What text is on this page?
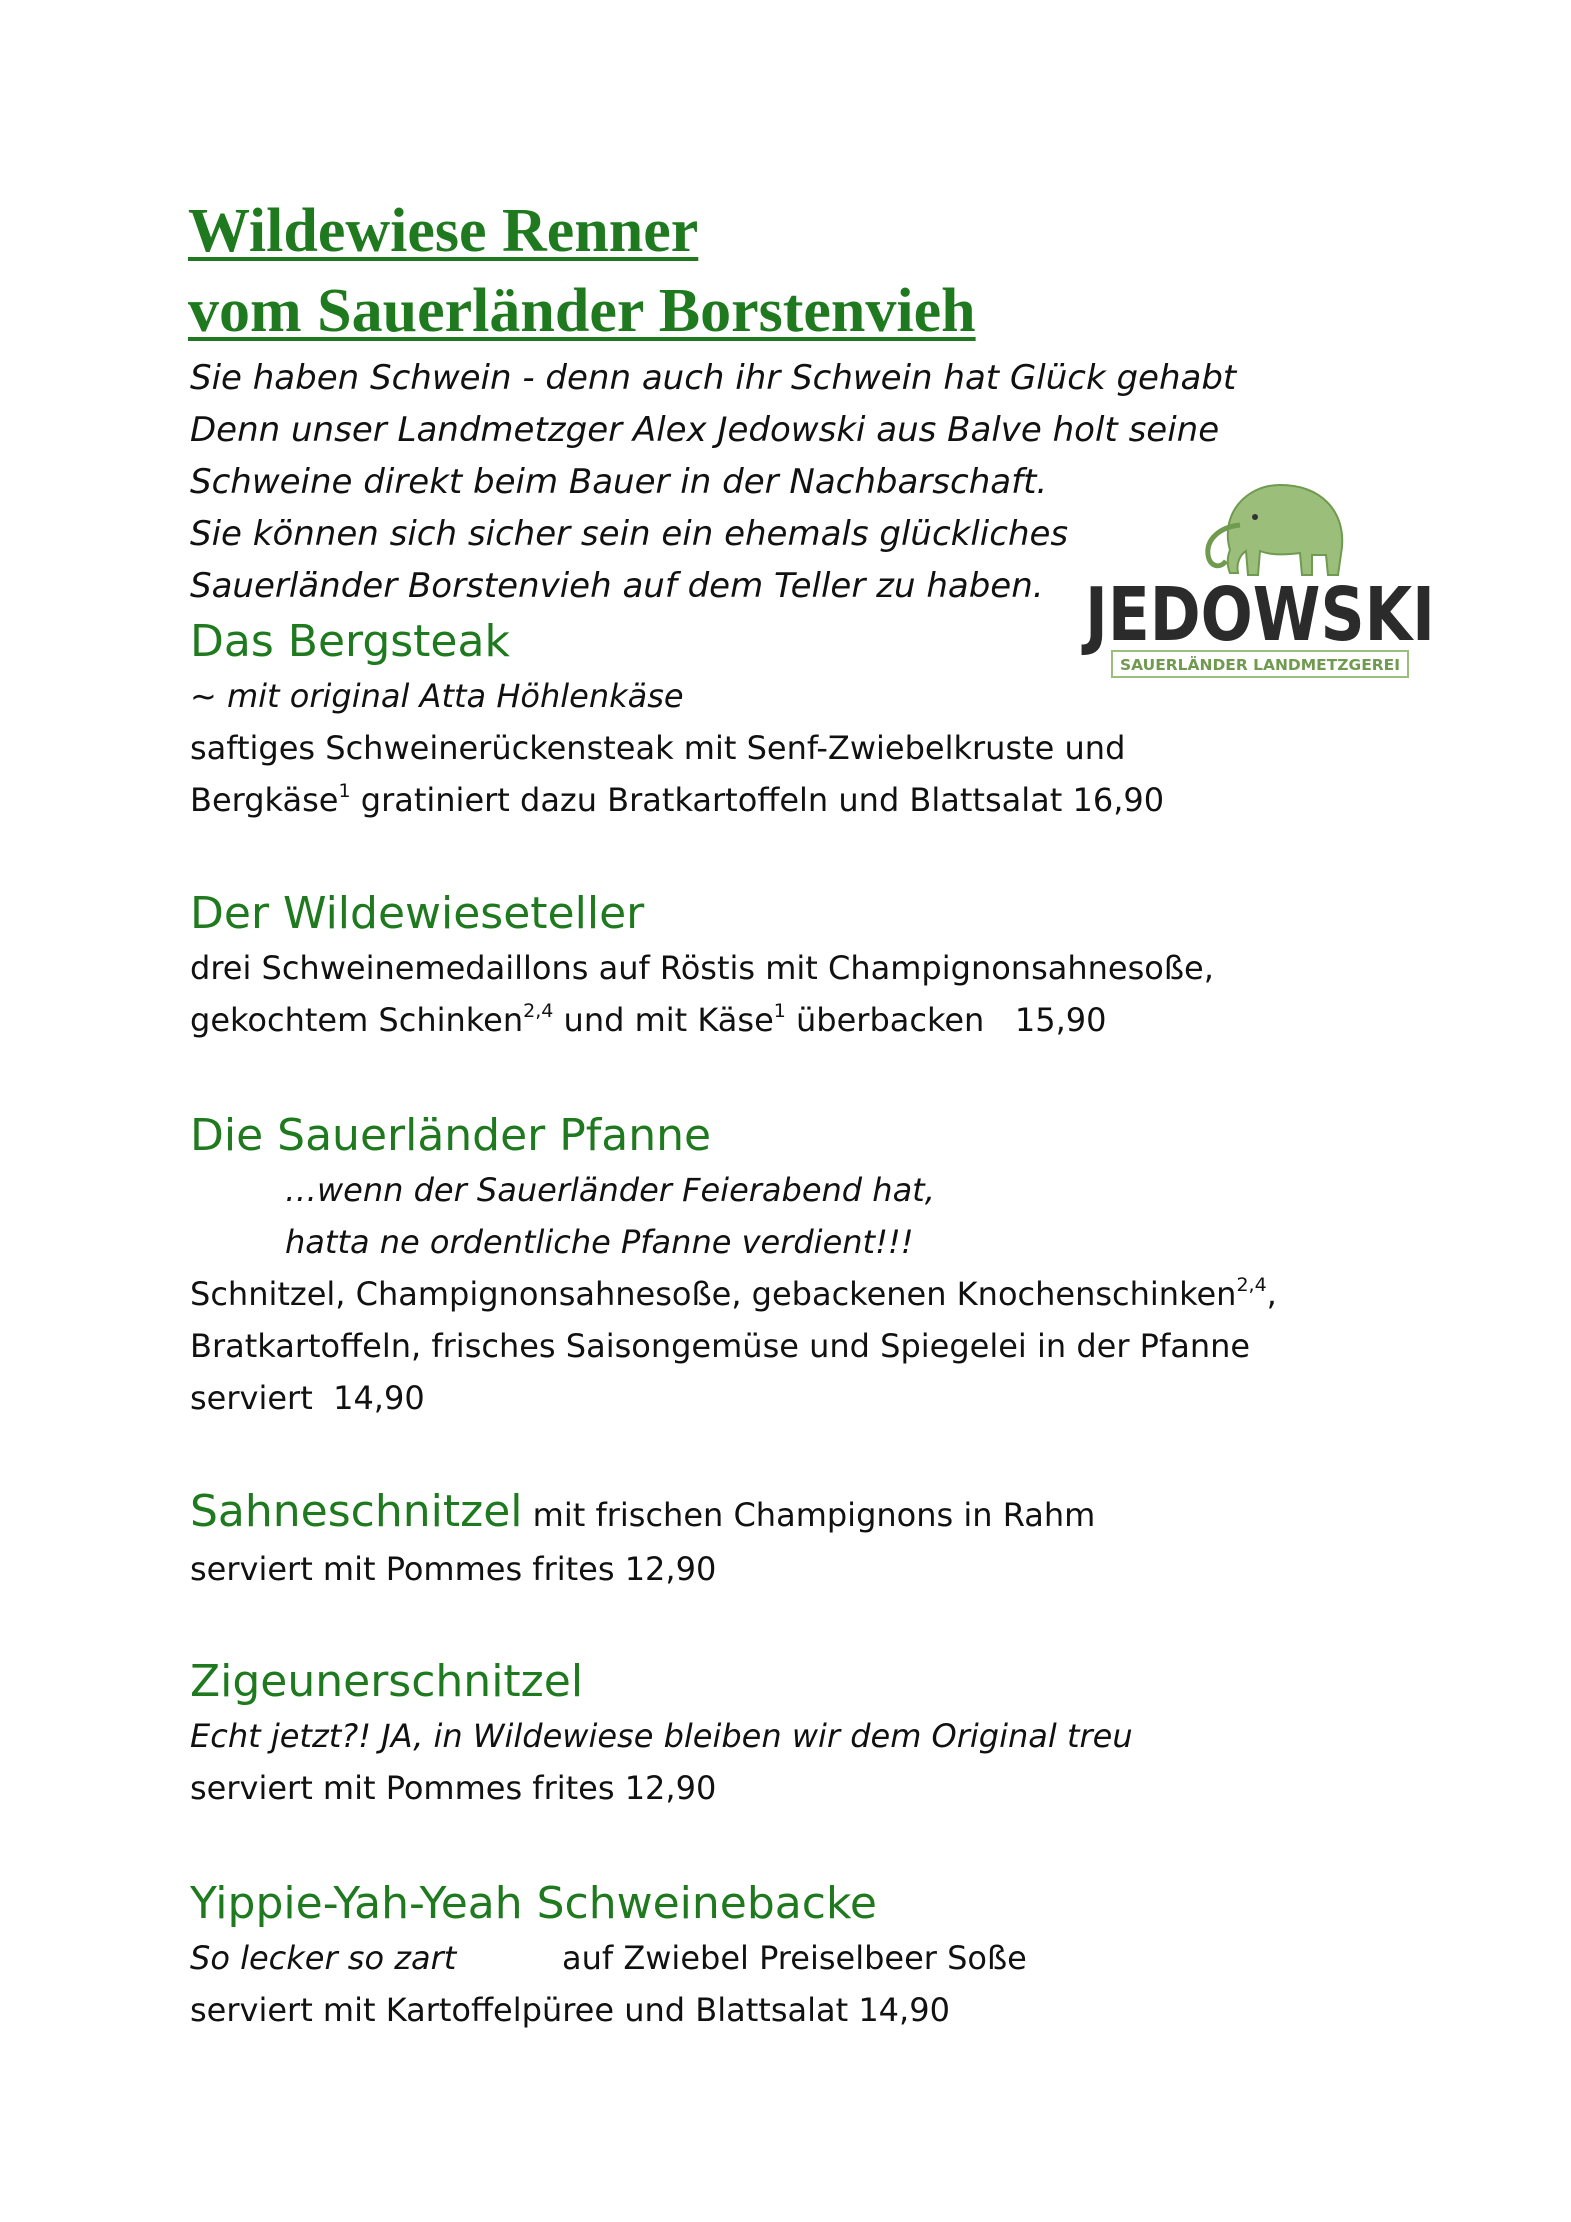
Wildewiese Renner
vom Sauerländer Borstenvieh
Sie haben Schwein - denn auch ihr Schwein hat Glück gehabt
Denn unser Landmetzger Alex Jedowski aus Balve holt seine
Schweine direkt beim Bauer in der Nachbarschaft.
Sie können sich sicher sein ein ehemals glückliches
Sauerländer Borstenvieh auf dem Teller zu haben. JEDOWSKI
SAUERLÄNDER LANDMETZGEREI
Das Bergsteak
~ mit original Atta Höhlenkäse
saftiges Schweinerückensteak mit Senf-Zwiebelkruste und
Bergkäse$^1$ gratiniert dazu Bratkartoffeln und Blattsalat 16,90
Der Wildewieseteller
drei Schweinemedaillons auf Röstis mit Champignonsahnesoße,
gekochtem Schinken$^{2,4}$ und mit Käse$^1$ überbacken   15,90
Die Sauerländer Pfanne
…wenn der Sauerländer Feierabend hat,
hatta ne ordentliche Pfanne verdient!!!
Schnitzel, Champignonsahnesoße, gebackenen Knochenschinken$^{2,4}$,
Bratkartoffeln, frisches Saisongemüse und Spiegelei in der Pfanne
serviert  14,90
Sahneschnitzel mit frischen Champignons in Rahm
serviert mit Pommes frites 12,90
Zigeunerschnitzel
Echt jetzt?! JA, in Wildewiese bleiben wir dem Original treu
serviert mit Pommes frites 12,90
Yippie-Yah-Yeah Schweinebacke
So lecker so zart	auf Zwiebel Preiselbeer Soße
serviert mit Kartoffelpüree und Blattsalat 14,90
